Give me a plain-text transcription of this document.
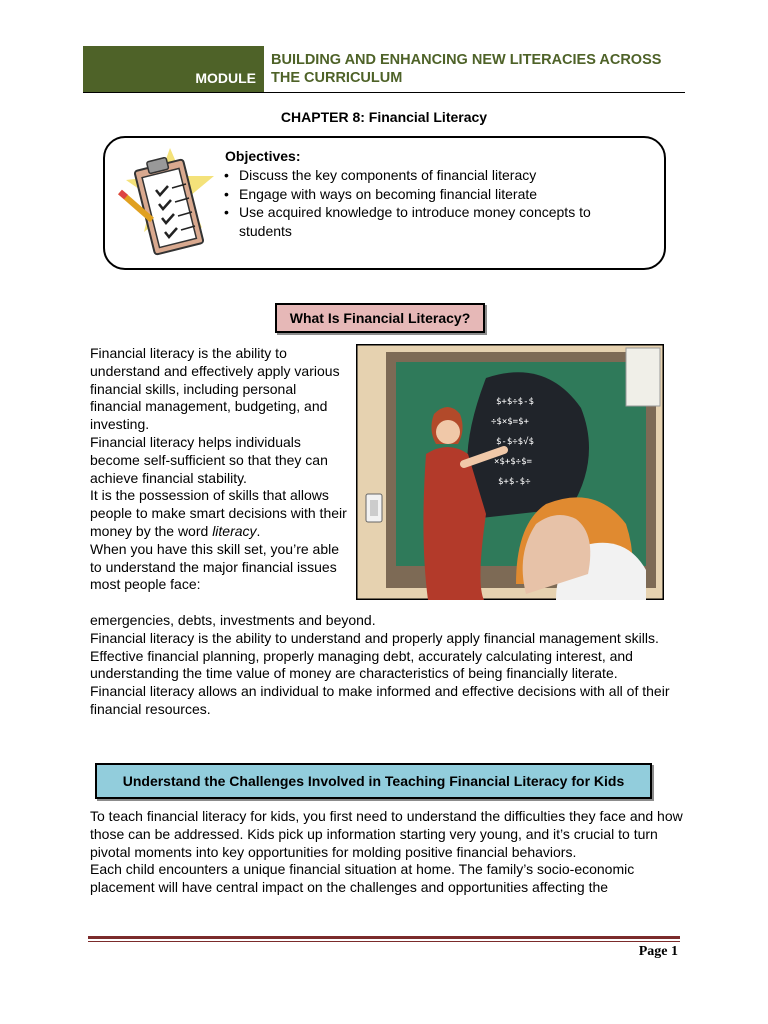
MODULE
BUILDING AND ENHANCING NEW LITERACIES ACROSS
THE CURRICULUM
CHAPTER 8: Financial Literacy
Objectives:
• Discuss the key components of financial literacy
• Engage with ways on becoming financial literate
• Use acquired knowledge to introduce money concepts to students
What Is Financial Literacy?

Financial literacy is the ability to understand and effectively apply various financial skills, including personal financial management, budgeting, and investing.

Financial literacy helps individuals become self-sufficient so that they can achieve financial stability.

It is the possession of skills that allows people to make smart decisions with their money by the word literacy.

When you have this skill set, you’re able to understand the major financial issues most people face:

$+$÷$-$
÷$×$=$+
$-$÷$√$
×$+$÷$=
$+$-$÷

emergencies, debts, investments and beyond.

Financial literacy is the ability to understand and properly apply financial management skills. Effective financial planning, properly managing debt, accurately calculating interest, and understanding the time value of money are characteristics of being financially literate.

Financial literacy allows an individual to make informed and effective decisions with all of their financial resources.

Understand the Challenges Involved in Teaching Financial Literacy for Kids

To teach financial literacy for kids, you first need to understand the difficulties they face and how those can be addressed. Kids pick up information starting very young, and it’s crucial to turn pivotal moments into key opportunities for molding positive financial behaviors.

Each child encounters a unique financial situation at home. The family’s socio-economic placement will have central impact on the challenges and opportunities affecting the

Page 1
